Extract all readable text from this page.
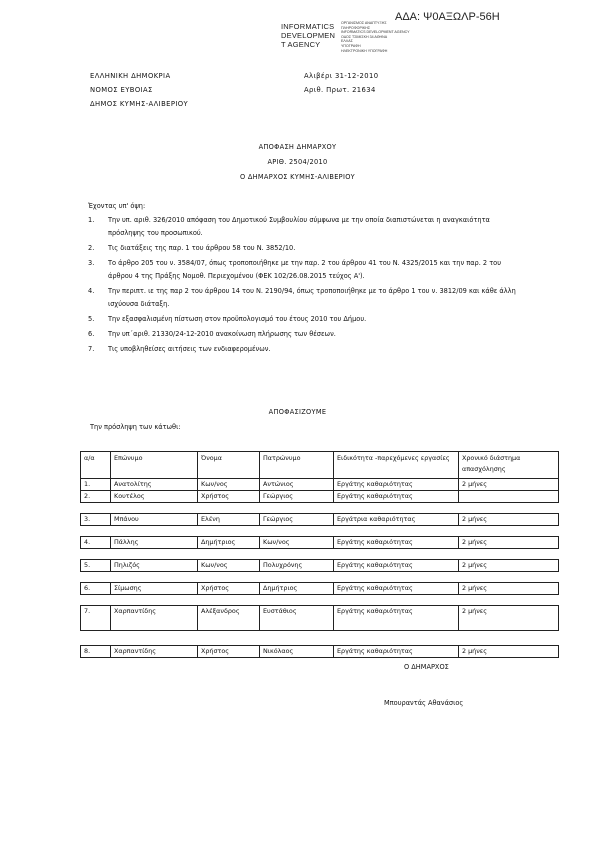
ΑΔΑ: Ψ0ΑΞΩΛΡ-56Η
INFORMATICS
DEVELOPMEN
T AGENCY
ΟΡΓΑΝΙΣΜΟΣ ΑΝΑΠΤΥΞΗΣ
ΠΛΗΡΟΦΟΡΙΚΗΣ
INFORMATICS DEVELOPMENT AGENCY
ΟΔΟΣ ΤΣΙΜΙΣΚΗ 34 ΑΘΗΝΑ
ΕΛΛΑΣ
ΥΠΟΓΡΑΦΗ
ΗΛΕΚΤΡΟΝΙΚΗ ΥΠΟΓΡΑΦΗ
ΕΛΛΗΝΙΚΗ ΔΗΜΟΚΡΙΑ
ΝΟΜΟΣ ΕΥΒΟΙΑΣ
ΔΗΜΟΣ ΚΥΜΗΣ-ΑΛΙΒΕΡΙΟΥ
Αλιβέρι 31-12-2010
Αριθ. Πρωτ. 21634
ΑΠΟΦΑΣΗ ΔΗΜΑΡΧΟΥ
ΑΡΙΘ. 2504/2010
Ο ΔΗΜΑΡΧΟΣ ΚΥΜΗΣ-ΑΛΙΒΕΡΙΟΥ
Έχοντας υπ' όψη:
1. Την υπ. αριθ. 326/2010 απόφαση του Δημοτικού Συμβουλίου σύμφωνα με την οποία διαπιστώνεται η αναγκαιότητα πρόσληψης του προσωπικού.
2. Τις διατάξεις της παρ. 1 του άρθρου 58 του Ν. 3852/10.
3. Το άρθρο 205 του ν. 3584/07, όπως τροποποιήθηκε με την παρ. 2 του άρθρου 41 του Ν. 4325/2015 και την παρ. 2 του άρθρου 4 της Πράξης Νομοθ. Περιεχομένου (ΦΕΚ 102/26.08.2015 τεύχος Α').
4. Την περιπτ. ιε της παρ 2 του άρθρου 14 του Ν. 2190/94, όπως τροποποιήθηκε με το άρθρο 1 του ν. 3812/09 και κάθε άλλη ισχύουσα διάταξη.
5. Την εξασφαλισμένη πίστωση στον προϋπολογισμό του έτους 2010 του Δήμου.
6. Την υπ΄αριθ. 21330/24-12-2010 ανακοίνωση πλήρωσης των θέσεων.
7. Τις υποβληθείσες αιτήσεις των ενδιαφερομένων.
ΑΠΟΦΑΣΙΖΟΥΜΕ
Την πρόσληψη των κάτωθι:
α/α	Επώνυμο	Όνομα	Πατρώνυμο	Ειδικότητα -παρεχόμενες εργασίες	Χρονικό διάστημα απασχόλησης
1.	Ανατολίτης	Κων/νος	Αντώνιος	Εργάτης καθαριότητας	2 μήνες
2.	Κουτέλος	Χρήστος	Γεώργιος	Εργάτης καθαριότητας	

3.	Μπάνου	Ελένη	Γεώργιος	Εργάτρια καθαριότητας	2 μήνες

4.	Πάλλης	Δημήτριος	Κων/νος	Εργάτης καθαριότητας	2 μήνες

5.	Πηλιζός	Κων/νος	Πολυχρόνης	Εργάτης καθαριότητας	2 μήνες

6.	Σίμωσης	Χρήστος	Δημήτριος	Εργάτης καθαριότητας	2 μήνες

7.	Χαρπαντίδης	Αλέξανδρος	Ευστάθιος	Εργάτης καθαριότητας	2 μήνες

8.	Χαρπαντίδης	Χρήστος	Νικόλαος	Εργάτης καθαριότητας	2 μήνες
Ο ΔΗΜΑΡΧΟΣ
Μπουραντάς Αθανάσιος
